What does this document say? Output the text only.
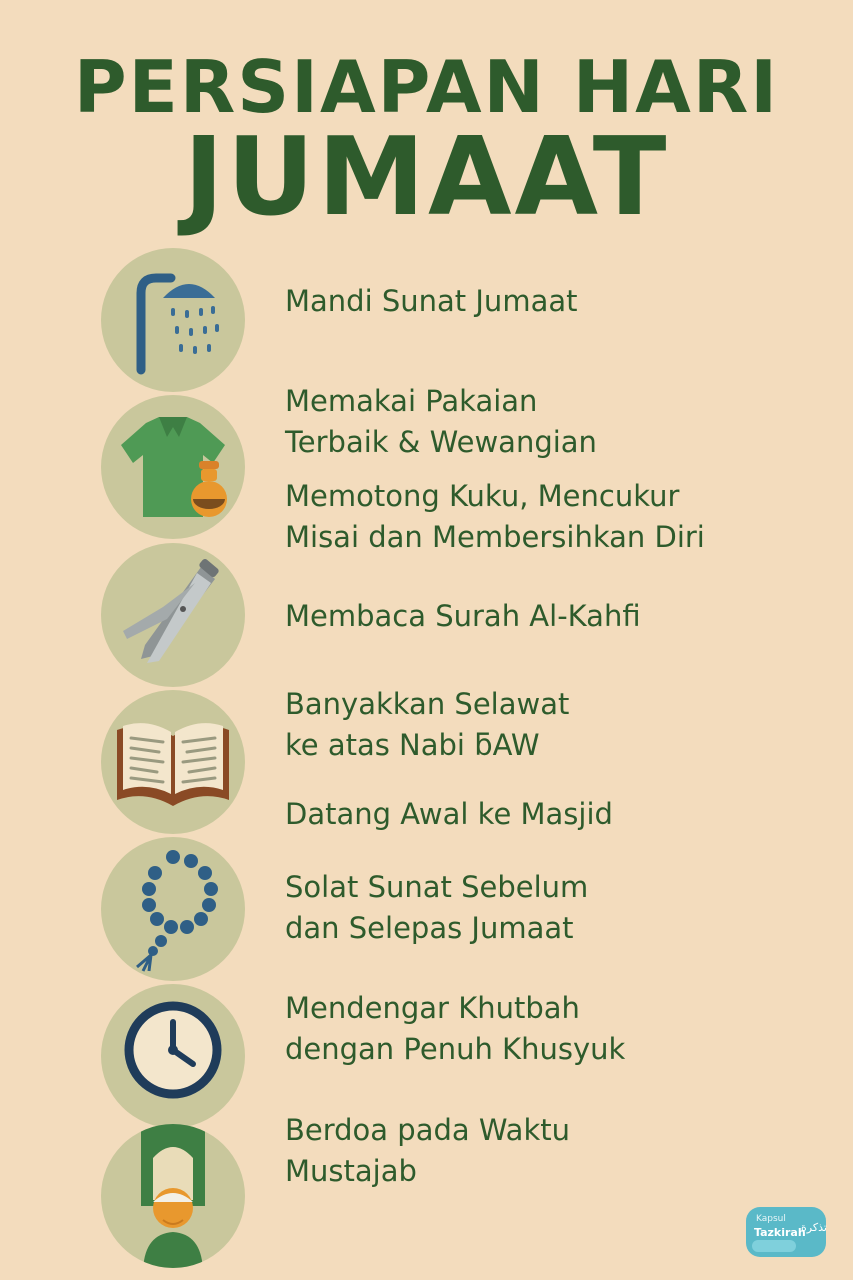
PERSIAPAN HARI
JUMAAT
Mandi Sunat Jumaat
Memakai Pakaian
Terbaik & Wewangian
Memotong Kuku, Mencukur
Misai dan Membersihkan Diri
Membaca Surah Al-Kahfi
Banyakkan Selawat
ke atas Nabi ƃAW
Datang Awal ke Masjid
Solat Sunat Sebelum
dan Selepas Jumaat
Mendengar Khutbah
dengan Penuh Khusyuk
Berdoa pada Waktu
Mustajab
Kapsul
Tazkirah
تذكرة
